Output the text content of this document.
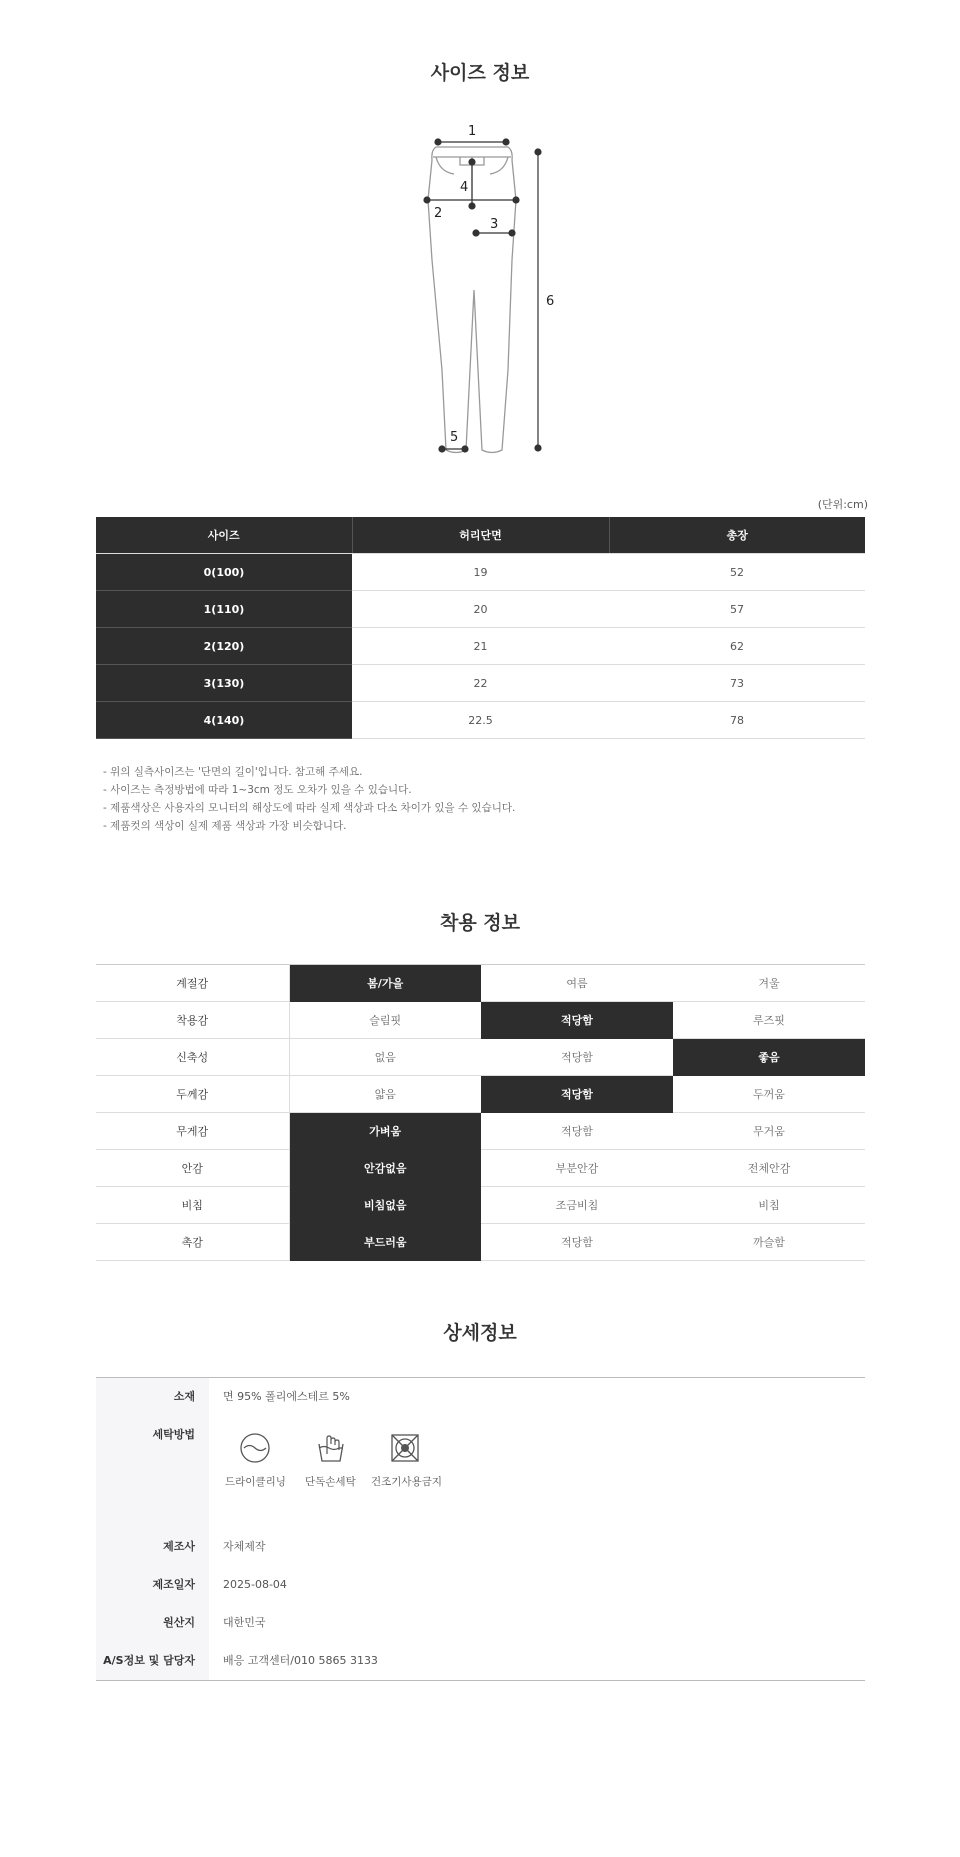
사이즈 정보
1
2
3
4
5
6
(단위:cm)
사이즈	허리단면	총장
0(100)	19	52
1(110)	20	57
2(120)	21	62
3(130)	22	73
4(140)	22.5	78
- 위의 실측사이즈는 '단면의 길이'입니다. 참고해 주세요.
- 사이즈는 측정방법에 따라 1~3cm 정도 오차가 있을 수 있습니다.
- 제품색상은 사용자의 모니터의 해상도에 따라 실제 색상과 다소 차이가 있을 수 있습니다.
- 제품컷의 색상이 실제 제품 색상과 가장 비슷합니다.
착용 정보
계절감	봄/가을	여름	겨울
착용감	슬림핏	적당함	루즈핏
신축성	없음	적당함	좋음
두께감	얇음	적당함	두꺼움
무게감	가벼움	적당함	무거움
안감	안감없음	부분안감	전체안감
비침	비침없음	조금비침	비침
촉감	부드러움	적당함	까슬함
상세정보
소재	면 95% 폴리에스테르 5%
세탁방법
드라이클리닝 단독손세탁 건조기사용금지
제조사	자체제작
제조일자	2025-08-04
원산지	대한민국
A/S정보 및 담당자	배응 고객센터/010 5865 3133
